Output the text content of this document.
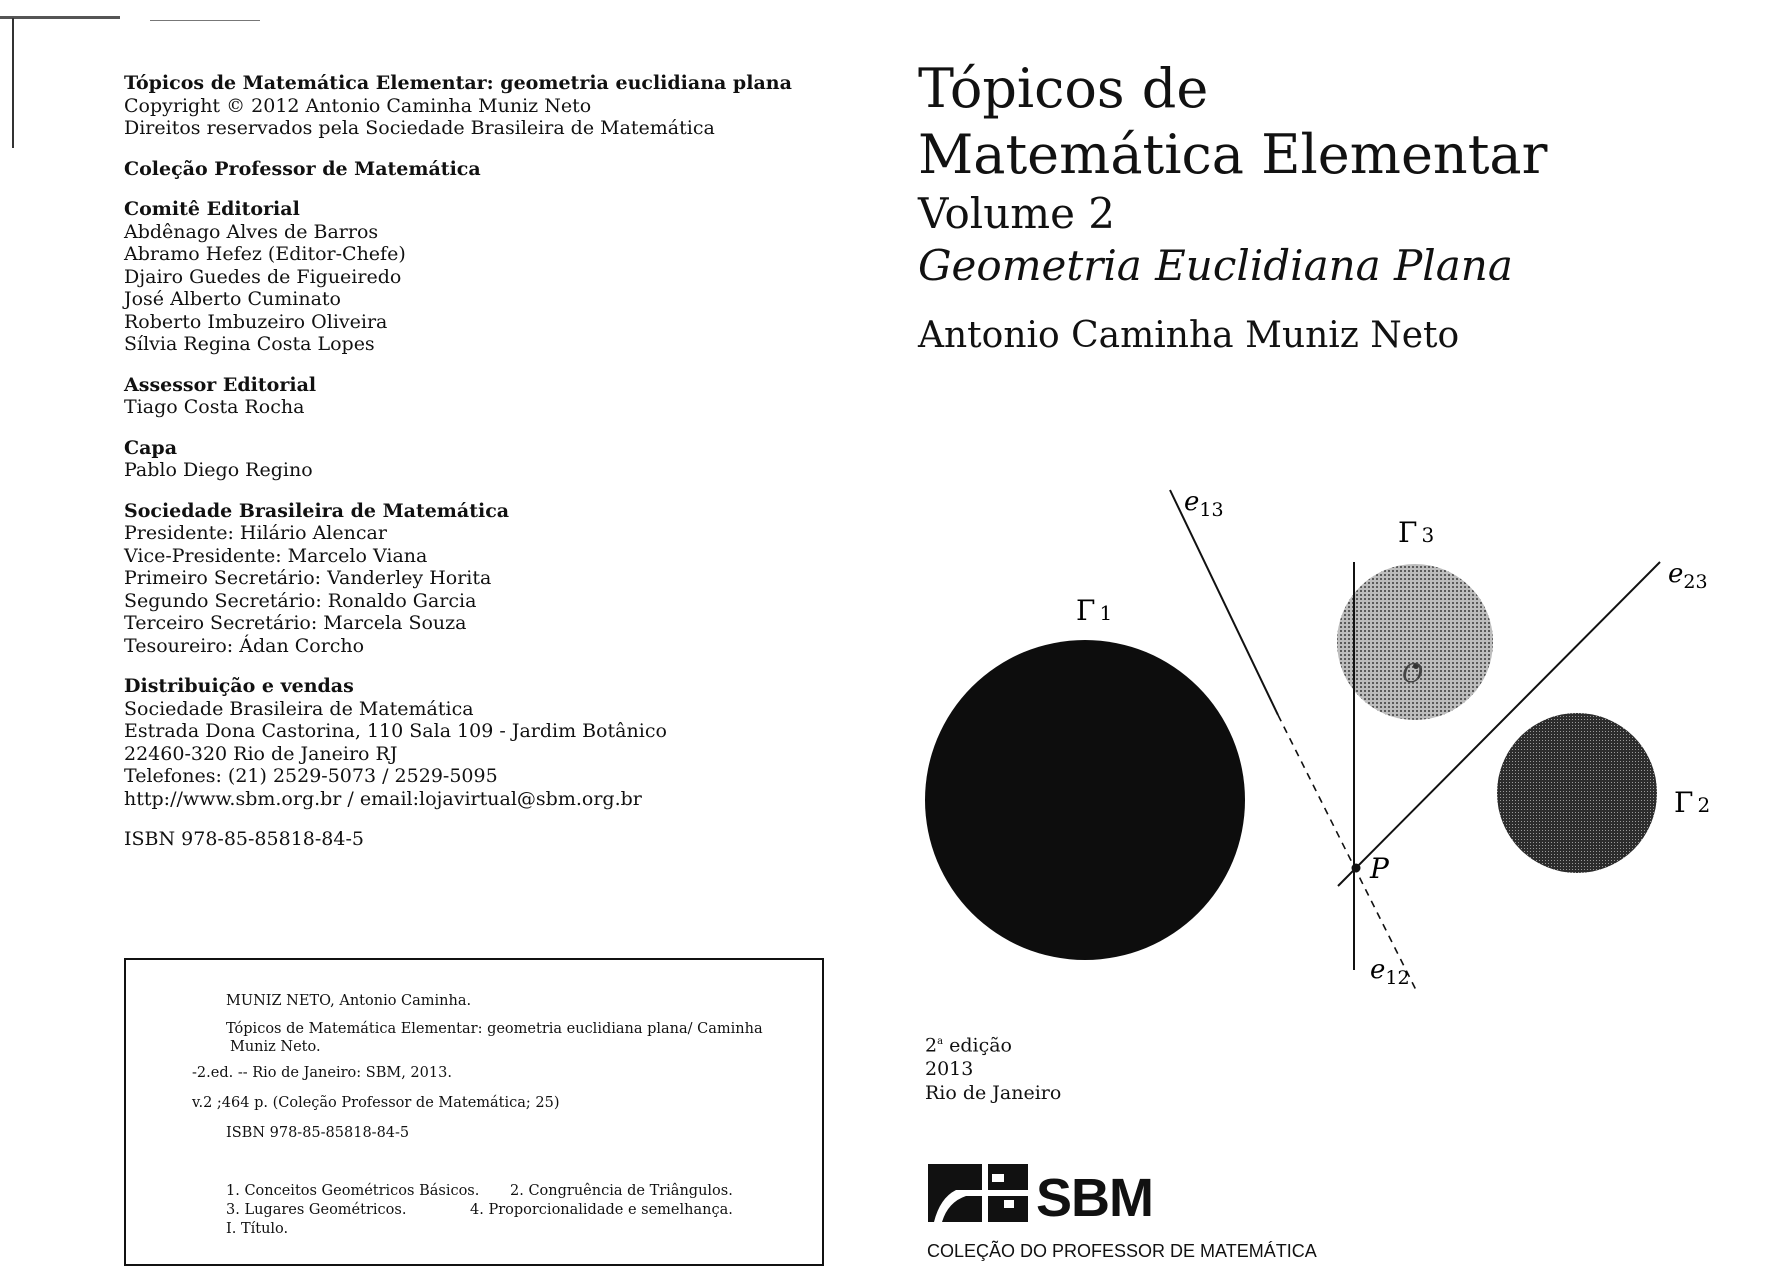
Tópicos de Matemática Elementar: geometria euclidiana plana
Copyright © 2012 Antonio Caminha Muniz Neto
Direitos reservados pela Sociedade Brasileira de Matemática
Coleção Professor de Matemática
Comitê Editorial
Abdênago Alves de Barros
Abramo Hefez (Editor-Chefe)
Djairo Guedes de Figueiredo
José Alberto Cuminato
Roberto Imbuzeiro Oliveira
Sílvia Regina Costa Lopes
Assessor Editorial
Tiago Costa Rocha
Capa
Pablo Diego Regino
Sociedade Brasileira de Matemática
Presidente: Hilário Alencar
Vice-Presidente: Marcelo Viana
Primeiro Secretário: Vanderley Horita
Segundo Secretário: Ronaldo Garcia
Terceiro Secretário: Marcela Souza
Tesoureiro: Ádan Corcho
Distribuição e vendas
Sociedade Brasileira de Matemática
Estrada Dona Castorina, 110 Sala 109 - Jardim Botânico
22460-320 Rio de Janeiro RJ
Telefones: (21) 2529-5073 / 2529-5095
http://www.sbm.org.br / email:lojavirtual@sbm.org.br
ISBN 978-85-85818-84-5
MUNIZ NETO, Antonio Caminha.
Tópicos de Matemática Elementar: geometria euclidiana plana/ Caminha
Muniz Neto.
-2.ed. -- Rio de Janeiro: SBM, 2013.
v.2 ;464 p. (Coleção Professor de Matemática; 25)
ISBN 978-85-85818-84-5
1. Conceitos Geométricos Básicos. 2. Congruência de Triângulos.
3. Lugares Geométricos.	4. Proporcionalidade e semelhança.
I. Título.
Tópicos de
Matemática Elementar
Volume 2
Geometria Euclidiana Plana
Antonio Caminha Muniz Neto
Γ 1
Γ 3
Γ 2
$e_{13}$
$e_{23}$
$e_{12}$
P
O
2$^a$ edição
2013
Rio de Janeiro
SBM
COLEÇÃO DO PROFESSOR DE MATEMÁTICA
